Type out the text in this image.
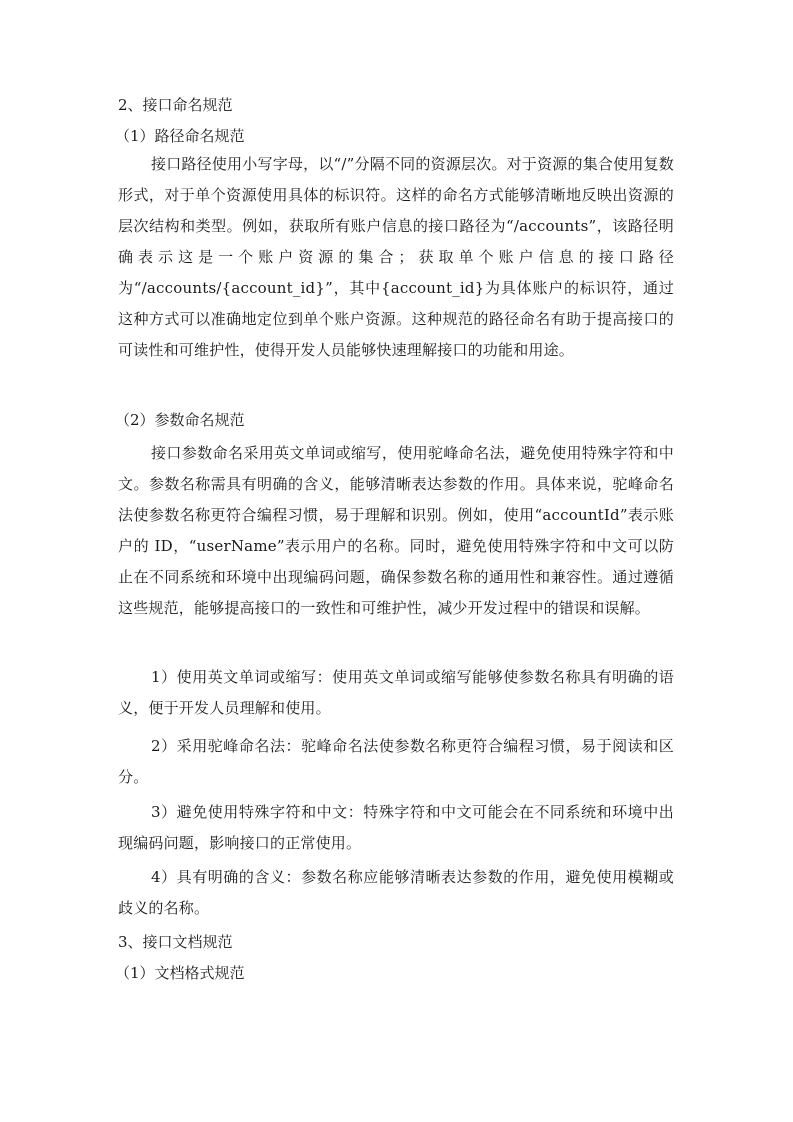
2、接口命名规范
（1）路径命名规范

接口路径使用小写字母，以“/”分隔不同的资源层次。对于资源的集合使用复数形式，对于单个资源使用具体的标识符。这样的命名方式能够清晰地反映出资源的层次结构和类型。例如，获取所有账户信息的接口路径为“/accounts”，该路径明确表示这是一个账户资源的集合；获取单个账户信息的接口路径为“/accounts/{account_id}”，其中{account_id}为具体账户的标识符，通过这种方式可以准确地定位到单个账户资源。这种规范的路径命名有助于提高接口的可读性和可维护性，使得开发人员能够快速理解接口的功能和用途。

（2）参数命名规范

接口参数命名采用英文单词或缩写，使用驼峰命名法，避免使用特殊字符和中文。参数名称需具有明确的含义，能够清晰表达参数的作用。具体来说，驼峰命名法使参数名称更符合编程习惯，易于理解和识别。例如，使用“accountId”表示账户的 ID，“userName”表示用户的名称。同时，避免使用特殊字符和中文可以防止在不同系统和环境中出现编码问题，确保参数名称的通用性和兼容性。通过遵循这些规范，能够提高接口的一致性和可维护性，减少开发过程中的错误和误解。

1）使用英文单词或缩写：使用英文单词或缩写能够使参数名称具有明确的语义，便于开发人员理解和使用。

2）采用驼峰命名法：驼峰命名法使参数名称更符合编程习惯，易于阅读和区分。

3）避免使用特殊字符和中文：特殊字符和中文可能会在不同系统和环境中出现编码问题，影响接口的正常使用。

4）具有明确的含义：参数名称应能够清晰表达参数的作用，避免使用模糊或歧义的名称。

3、接口文档规范
（1）文档格式规范
